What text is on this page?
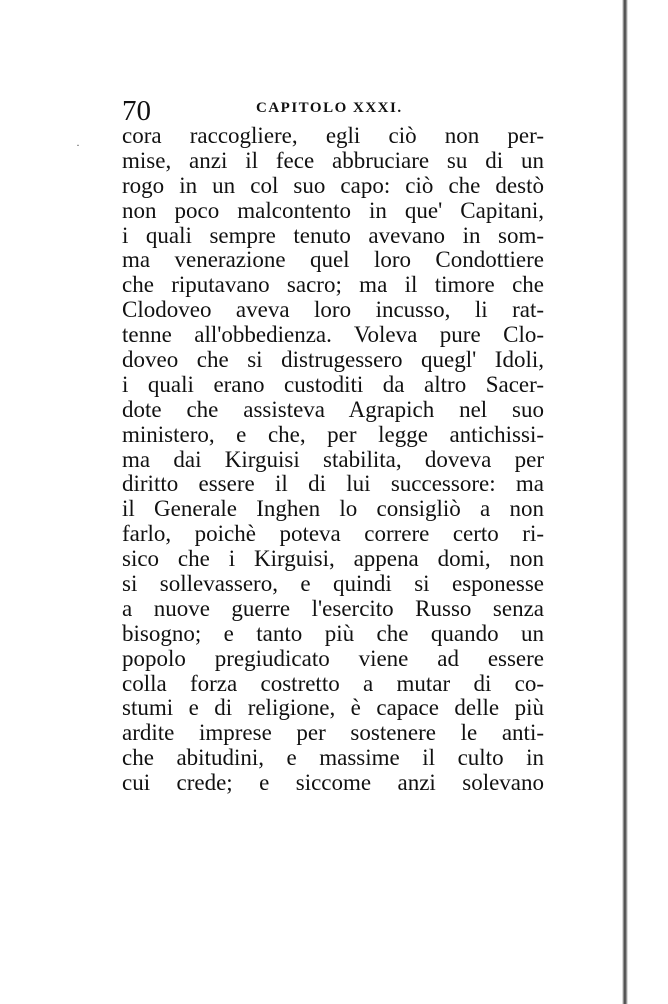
70	CAPITOLO XXXI.
· cora raccogliere, egli ciò non per-
mise, anzi il fece abbruciare su di un
rogo in un col suo capo: ciò che destò
non poco malcontento in que' Capitani,
i quali sempre tenuto avevano in som-
ma venerazione quel loro Condottiere
che riputavano sacro; ma il timore che
Clodoveo aveva loro incusso, li rat-
tenne all'obbedienza. Voleva pure Clo-
doveo che si distrugessero quegl' Idoli,
i quali erano custoditi da altro Sacer-
dote che assisteva Agrapich nel suo
ministero, e che, per legge antichissi-
ma dai Kirguisi stabilita, doveva per
diritto essere il di lui successore: ma
il Generale Inghen lo consigliò a non
farlo, poichè poteva correre certo ri-
sico che i Kirguisi, appena domi, non
si sollevassero, e quindi si esponesse
a nuove guerre l'esercito Russo senza
bisogno; e tanto più che quando un
popolo pregiudicato viene ad essere
colla forza costretto a mutar di co-
stumi e di religione, è capace delle più
ardite imprese per sostenere le anti-
che abitudini, e massime il culto in
cui crede; e siccome anzi solevano
